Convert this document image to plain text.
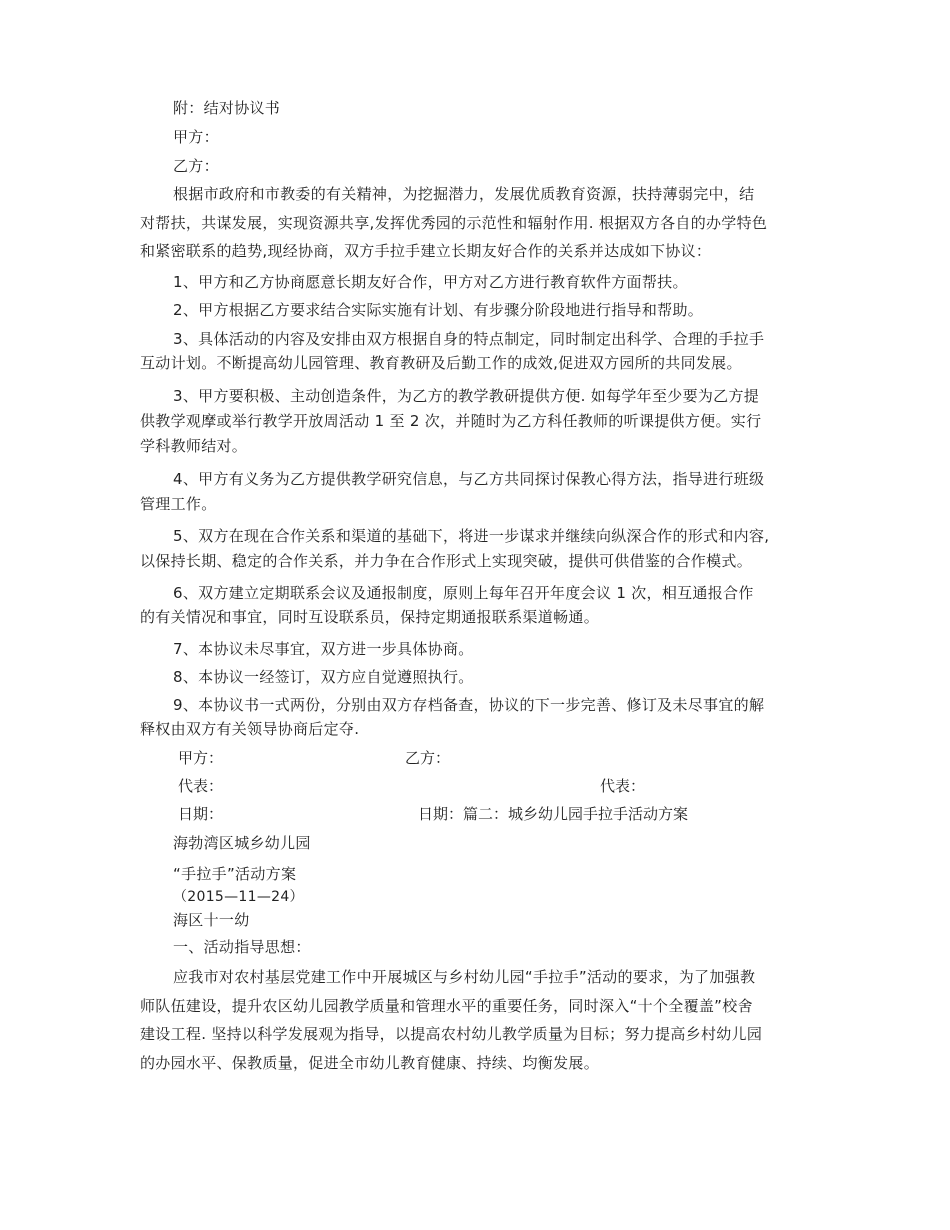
附：结对协议书
甲方：
乙方：
根据市政府和市教委的有关精神，为挖掘潜力，发展优质教育资源，扶持薄弱完中，结
对帮扶，共谋发展，实现资源共享,发挥优秀园的示范性和辐射作用. 根据双方各自的办学特色
和紧密联系的趋势,现经协商，双方手拉手建立长期友好合作的关系并达成如下协议：
1、甲方和乙方协商愿意长期友好合作，甲方对乙方进行教育软件方面帮扶。
2、甲方根据乙方要求结合实际实施有计划、有步骤分阶段地进行指导和帮助。
3、具体活动的内容及安排由双方根据自身的特点制定，同时制定出科学、合理的手拉手
互动计划。不断提高幼儿园管理、教育教研及后勤工作的成效,促进双方园所的共同发展。
3、甲方要积极、主动创造条件，为乙方的教学教研提供方便. 如每学年至少要为乙方提
供教学观摩或举行教学开放周活动 1 至 2 次，并随时为乙方科任教师的听课提供方便。实行
学科教师结对。
4、甲方有义务为乙方提供教学研究信息，与乙方共同探讨保教心得方法，指导进行班级
管理工作。
5、双方在现在合作关系和渠道的基础下，将进一步谋求并继续向纵深合作的形式和内容,
以保持长期、稳定的合作关系，并力争在合作形式上实现突破，提供可供借鉴的合作模式。
6、双方建立定期联系会议及通报制度，原则上每年召开年度会议 1 次，相互通报合作
的有关情况和事宜，同时互设联系员，保持定期通报联系渠道畅通。
7、本协议未尽事宜，双方进一步具体协商。
8、本协议一经签订，双方应自觉遵照执行。
9、本协议书一式两份，分别由双方存档备查，协议的下一步完善、修订及未尽事宜的解
释权由双方有关领导协商后定夺.
甲方：	乙方：
代表：	代表：
日期：	日期：篇二：城乡幼儿园手拉手活动方案
海勃湾区城乡幼儿园
“手拉手”活动方案
（2015—11—24）
海区十一幼
一、活动指导思想：
应我市对农村基层党建工作中开展城区与乡村幼儿园“手拉手”活动的要求，为了加强教
师队伍建设，提升农区幼儿园教学质量和管理水平的重要任务，同时深入“十个全覆盖”校舍
建设工程. 坚持以科学发展观为指导，以提高农村幼儿教学质量为目标；努力提高乡村幼儿园
的办园水平、保教质量，促进全市幼儿教育健康、持续、均衡发展。
